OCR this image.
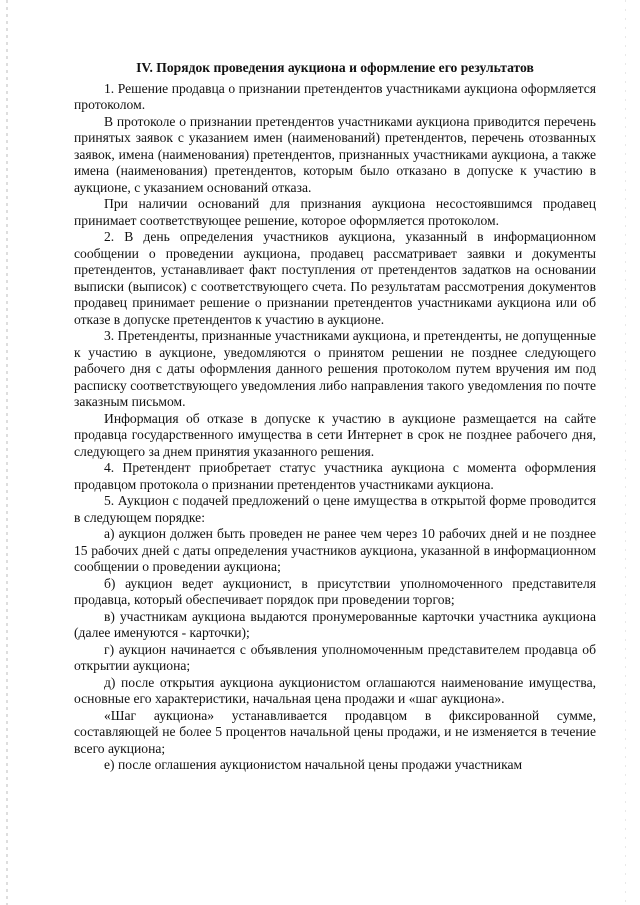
IV. Порядок проведения аукциона и оформление его результатов

1. Решение продавца о признании претендентов участниками аукциона оформляется протоколом.

В протоколе о признании претендентов участниками аукциона приводится перечень принятых заявок с указанием имен (наименований) претендентов, перечень отозванных заявок, имена (наименования) претендентов, признанных участниками аукциона, а также имена (наименования) претендентов, которым было отказано в допуске к участию в аукционе, с указанием оснований отказа.

При наличии оснований для признания аукциона несостоявшимся продавец принимает соответствующее решение, которое оформляется протоколом.

2. В день определения участников аукциона, указанный в информационном сообщении о проведении аукциона, продавец рассматривает заявки и документы претендентов, устанавливает факт поступления от претендентов задатков на основании выписки (выписок) с соответствующего счета. По результатам рассмотрения документов продавец принимает решение о признании претендентов участниками аукциона или об отказе в допуске претендентов к участию в аукционе.

3. Претенденты, признанные участниками аукциона, и претенденты, не допущенные к участию в аукционе, уведомляются о принятом решении не позднее следующего рабочего дня с даты оформления данного решения протоколом путем вручения им под расписку соответствующего уведомления либо направления такого уведомления по почте заказным письмом.

Информация об отказе в допуске к участию в аукционе размещается на сайте продавца государственного имущества в сети Интернет в срок не позднее рабочего дня, следующего за днем принятия указанного решения.

4. Претендент приобретает статус участника аукциона с момента оформления продавцом протокола о признании претендентов участниками аукциона.

5. Аукцион с подачей предложений о цене имущества в открытой форме проводится в следующем порядке:

а) аукцион должен быть проведен не ранее чем через 10 рабочих дней и не позднее 15 рабочих дней с даты определения участников аукциона, указанной в информационном сообщении о проведении аукциона;

б) аукцион ведет аукционист, в присутствии уполномоченного представителя продавца, который обеспечивает порядок при проведении торгов;

в) участникам аукциона выдаются пронумерованные карточки участника аукциона (далее именуются - карточки);

г) аукцион начинается с объявления уполномоченным представителем продавца об открытии аукциона;

д) после открытия аукциона аукционистом оглашаются наименование имущества, основные его характеристики, начальная цена продажи и «шаг аукциона».

«Шаг аукциона» устанавливается продавцом в фиксированной сумме, составляющей не более 5 процентов начальной цены продажи, и не изменяется в течение всего аукциона;

е) после оглашения аукционистом начальной цены продажи участникам
